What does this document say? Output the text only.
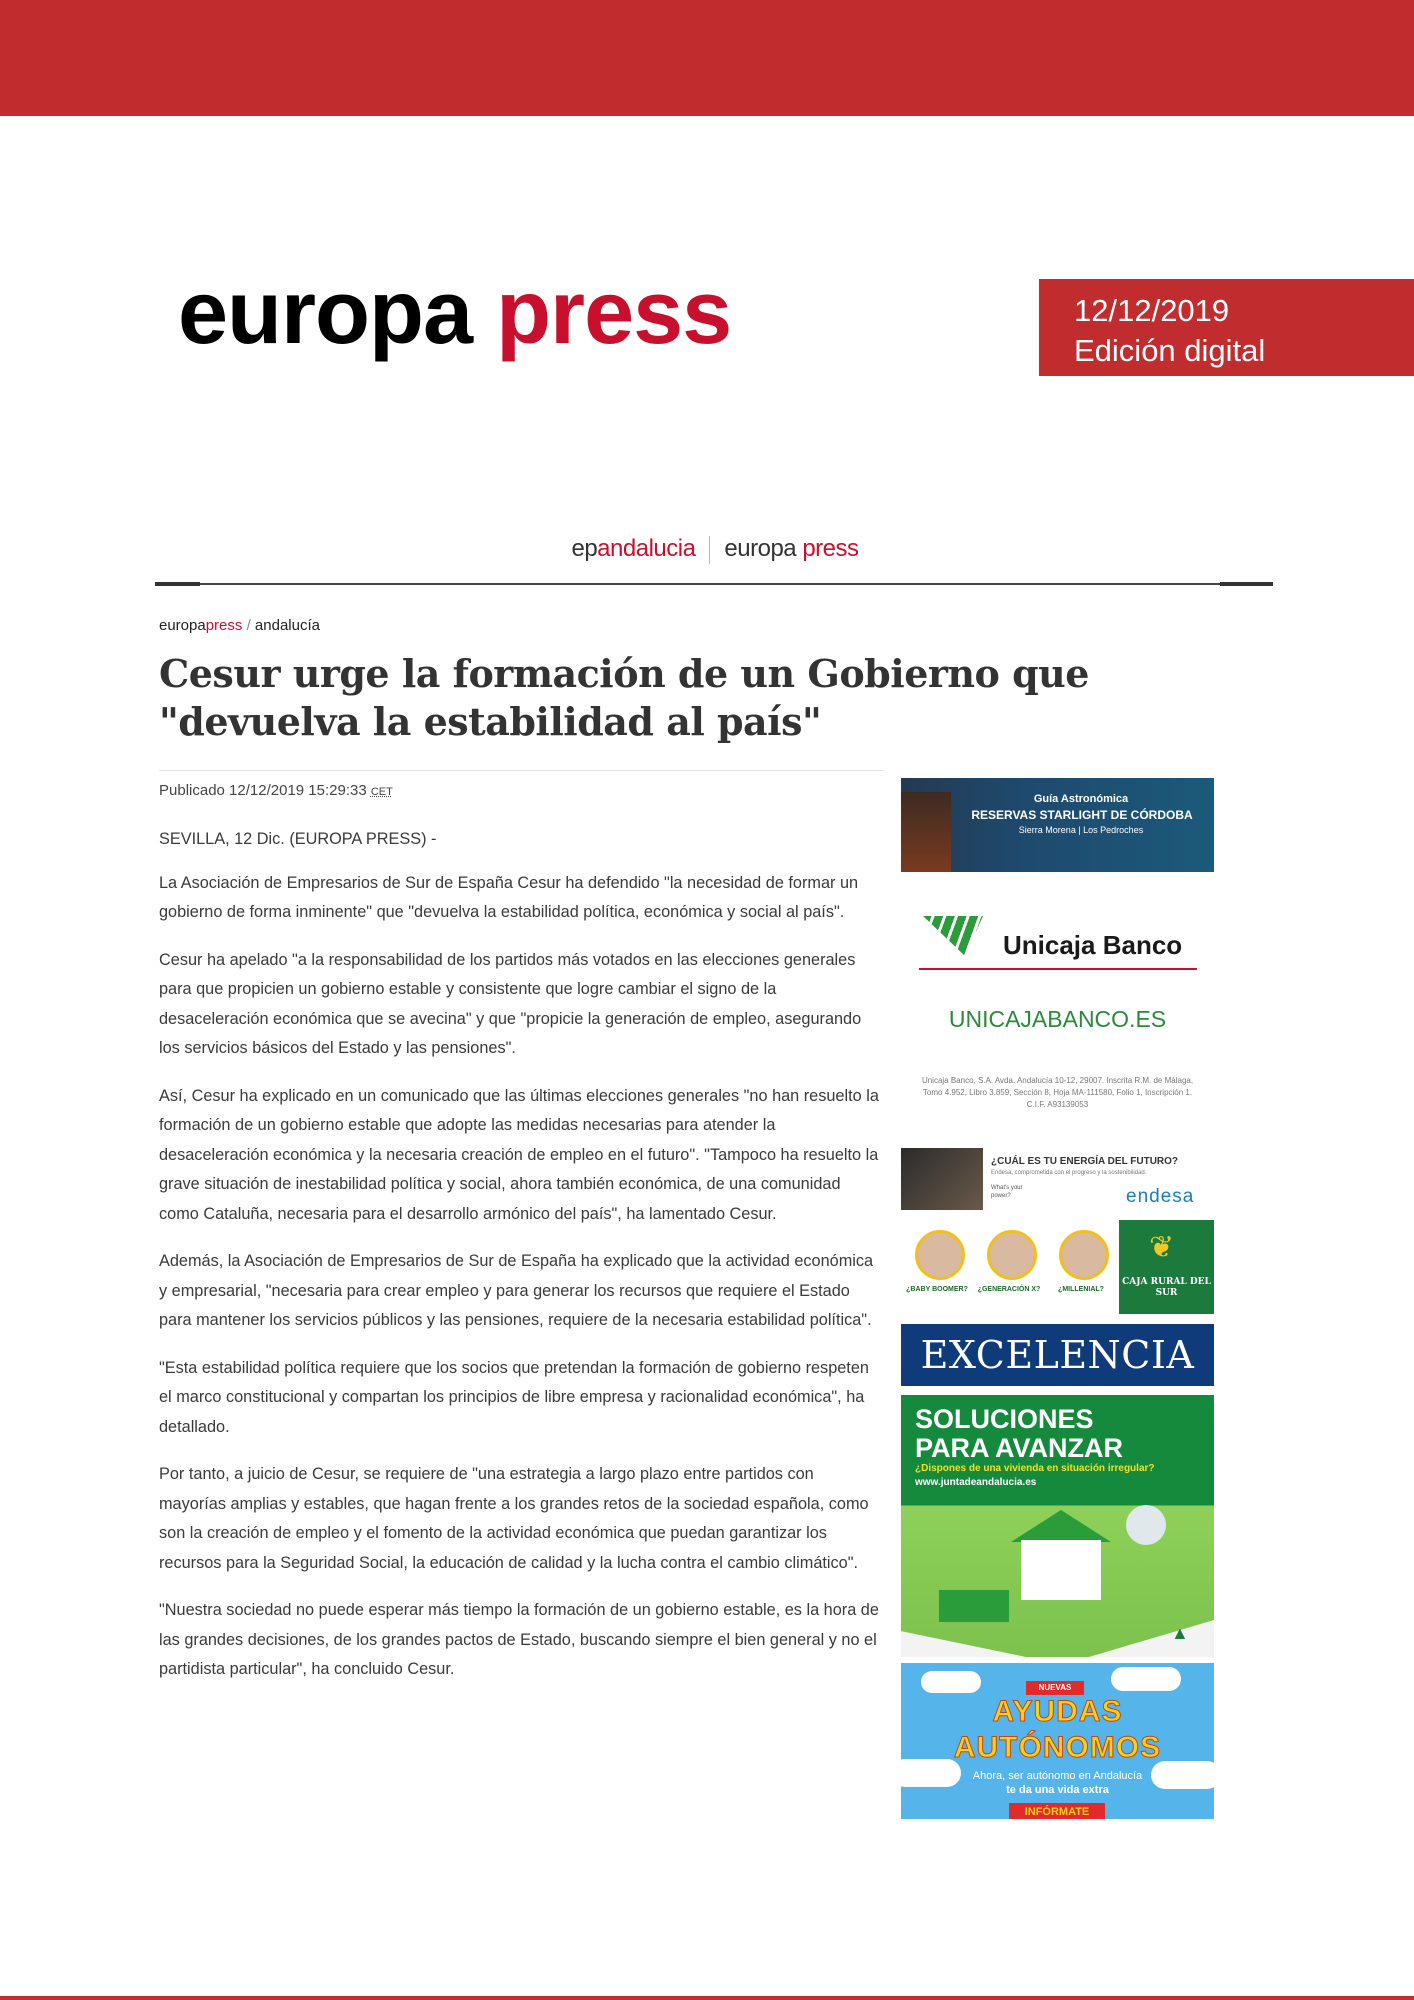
europa press	12/12/2019
Edición digital
epandalucia europa press
europapress / andalucía
Cesur urge la formación de un Gobierno que "devuelva la estabilidad al país"
Publicado 12/12/2019 15:29:33 CET

SEVILLA, 12 Dic. (EUROPA PRESS) -

La Asociación de Empresarios de Sur de España Cesur ha defendido "la necesidad de formar un gobierno de forma inminente" que "devuelva la estabilidad política, económica y social al país".

Cesur ha apelado "a la responsabilidad de los partidos más votados en las elecciones generales para que propicien un gobierno estable y consistente que logre cambiar el signo de la desaceleración económica que se avecina" y que "propicie la generación de empleo, asegurando los servicios básicos del Estado y las pensiones".

Así, Cesur ha explicado en un comunicado que las últimas elecciones generales "no han resuelto la formación de un gobierno estable que adopte las medidas necesarias para atender la desaceleración económica y la necesaria creación de empleo en el futuro". "Tampoco ha resuelto la grave situación de inestabilidad política y social, ahora también económica, de una comunidad como Cataluña, necesaria para el desarrollo armónico del país", ha lamentado Cesur.

Además, la Asociación de Empresarios de Sur de España ha explicado que la actividad económica y empresarial, "necesaria para crear empleo y para generar los recursos que requiere el Estado para mantener los servicios públicos y las pensiones, requiere de la necesaria estabilidad política".

"Esta estabilidad política requiere que los socios que pretendan la formación de gobierno respeten el marco constitucional y compartan los principios de libre empresa y racionalidad económica", ha detallado.

Por tanto, a juicio de Cesur, se requiere de "una estrategia a largo plazo entre partidos con mayorías amplias y estables, que hagan frente a los grandes retos de la sociedad española, como son la creación de empleo y el fomento de la actividad económica que puedan garantizar los recursos para la Seguridad Social, la educación de calidad y la lucha contra el cambio climático".

"Nuestra sociedad no puede esperar más tiempo la formación de un gobierno estable, es la hora de las grandes decisiones, de los grandes pactos de Estado, buscando siempre el bien general y no el partidista particular", ha concluido Cesur.

Guía Astronómica
RESERVAS STARLIGHT DE CÓRDOBA
Sierra Morena | Los Pedroches
Unicaja Banco
UNICAJABANCO.ES
Unicaja Banco, S.A. Avda. Andalucía 10-12, 29007. Inscrita R.M. de Málaga, Tomo 4.952, Libro 3.859, Sección 8, Hoja MA-111580, Folio 1, Inscripción 1. C.I.F. A93139053
¿CUÁL ES TU ENERGÍA DEL FUTURO?
Endesa, comprometida con el progreso y la sostenibilidad.
What's your power?	endesa
¿BABY BOOMER? ¿GENERACIÓN X?	¿MILLENIAL?
❦
CAJA RURAL DEL SUR
EXCELENCIA
SOLUCIONES
PARA AVANZAR
¿Dispones de una vivienda en situación irregular?
www.juntadeandalucia.es
▲
NUEVAS
AYUDAS
AUTÓNOMOS
Ahora, ser autónomo en Andalucía
te da una vida extra
INFÓRMATE
